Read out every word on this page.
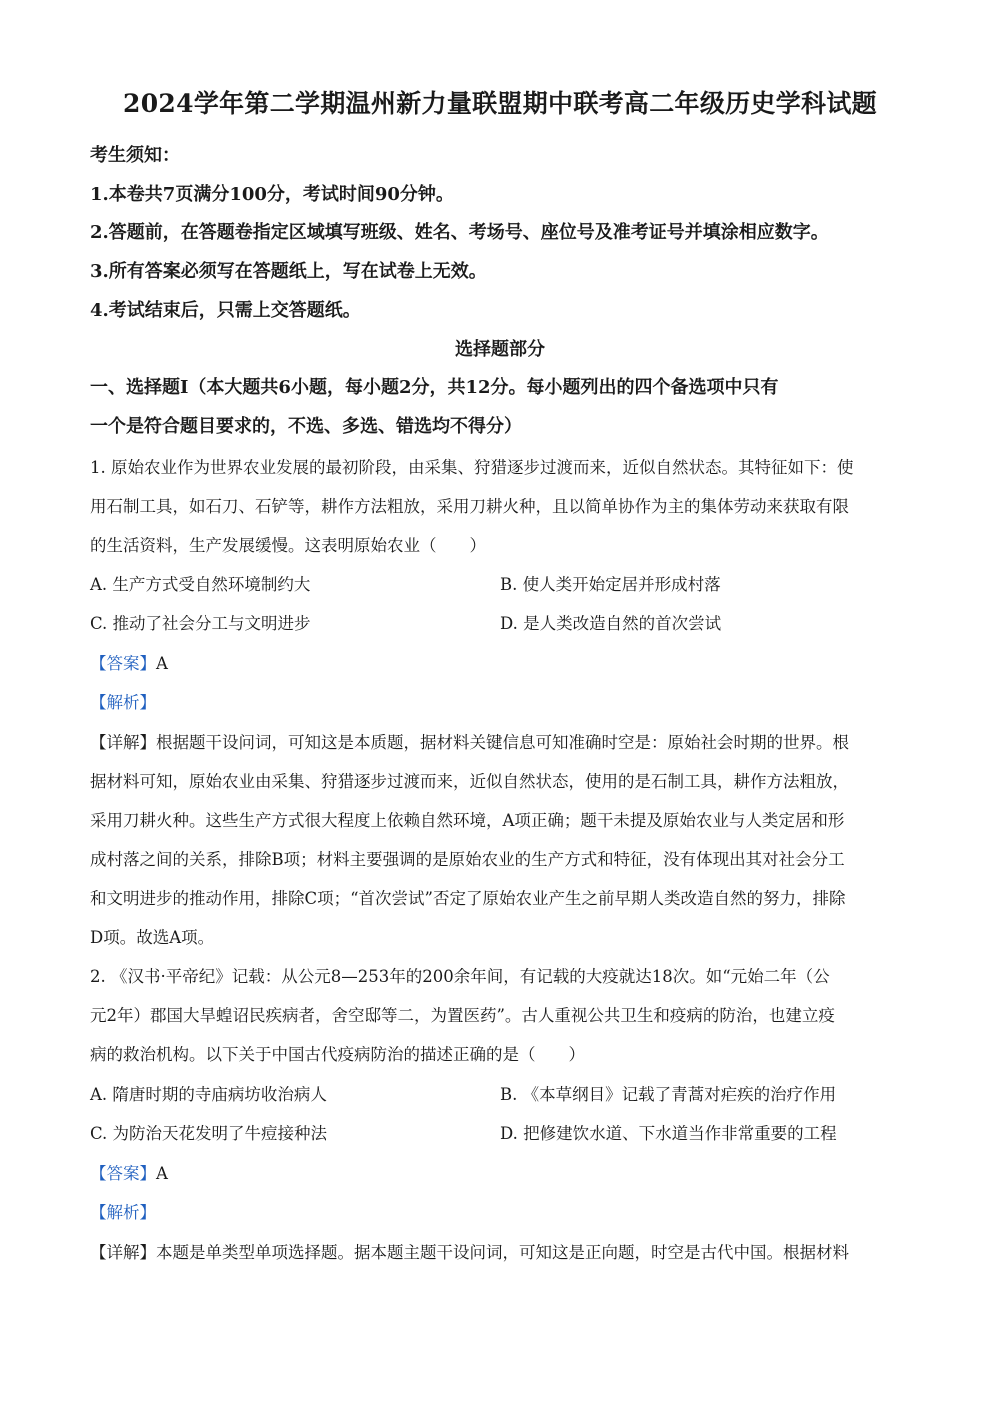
2024学年第二学期温州新力量联盟期中联考高二年级历史学科试题
考生须知：
1.本卷共7页满分100分，考试时间90分钟。
2.答题前，在答题卷指定区域填写班级、姓名、考场号、座位号及准考证号并填涂相应数字。
3.所有答案必须写在答题纸上，写在试卷上无效。
4.考试结束后，只需上交答题纸。
选择题部分
一、选择题Ⅰ（本大题共6小题，每小题2分，共12分。每小题列出的四个备选项中只有
一个是符合题目要求的，不选、多选、错选均不得分）
1. 原始农业作为世界农业发展的最初阶段，由采集、狩猎逐步过渡而来，近似自然状态。其特征如下：使
用石制工具，如石刀、石铲等，耕作方法粗放，采用刀耕火种，且以简单协作为主的集体劳动来获取有限
的生活资料，生产发展缓慢。这表明原始农业（　　）
A. 生产方式受自然环境制约大	B. 使人类开始定居并形成村落
C. 推动了社会分工与文明进步	D. 是人类改造自然的首次尝试
【答案】A
【解析】
【详解】根据题干设问词，可知这是本质题，据材料关键信息可知准确时空是：原始社会时期的世界。根
据材料可知，原始农业由采集、狩猎逐步过渡而来，近似自然状态，使用的是石制工具，耕作方法粗放，
采用刀耕火种。这些生产方式很大程度上依赖自然环境，A项正确；题干未提及原始农业与人类定居和形
成村落之间的关系，排除B项；材料主要强调的是原始农业的生产方式和特征，没有体现出其对社会分工
和文明进步的推动作用，排除C项；“首次尝试”否定了原始农业产生之前早期人类改造自然的努力，排除
D项。故选A项。
2. 《汉书·平帝纪》记载：从公元8—253年的200余年间，有记载的大疫就达18次。如“元始二年（公
元2年）郡国大旱蝗诏民疾病者，舍空邸等二，为置医药”。古人重视公共卫生和疫病的防治，也建立疫
病的救治机构。以下关于中国古代疫病防治的描述正确的是（　　）
A. 隋唐时期的寺庙病坊收治病人	B. 《本草纲目》记载了青蒿对疟疾的治疗作用
C. 为防治天花发明了牛痘接种法	D. 把修建饮水道、下水道当作非常重要的工程
【答案】A
【解析】
【详解】本题是单类型单项选择题。据本题主题干设问词，可知这是正向题，时空是古代中国。根据材料
